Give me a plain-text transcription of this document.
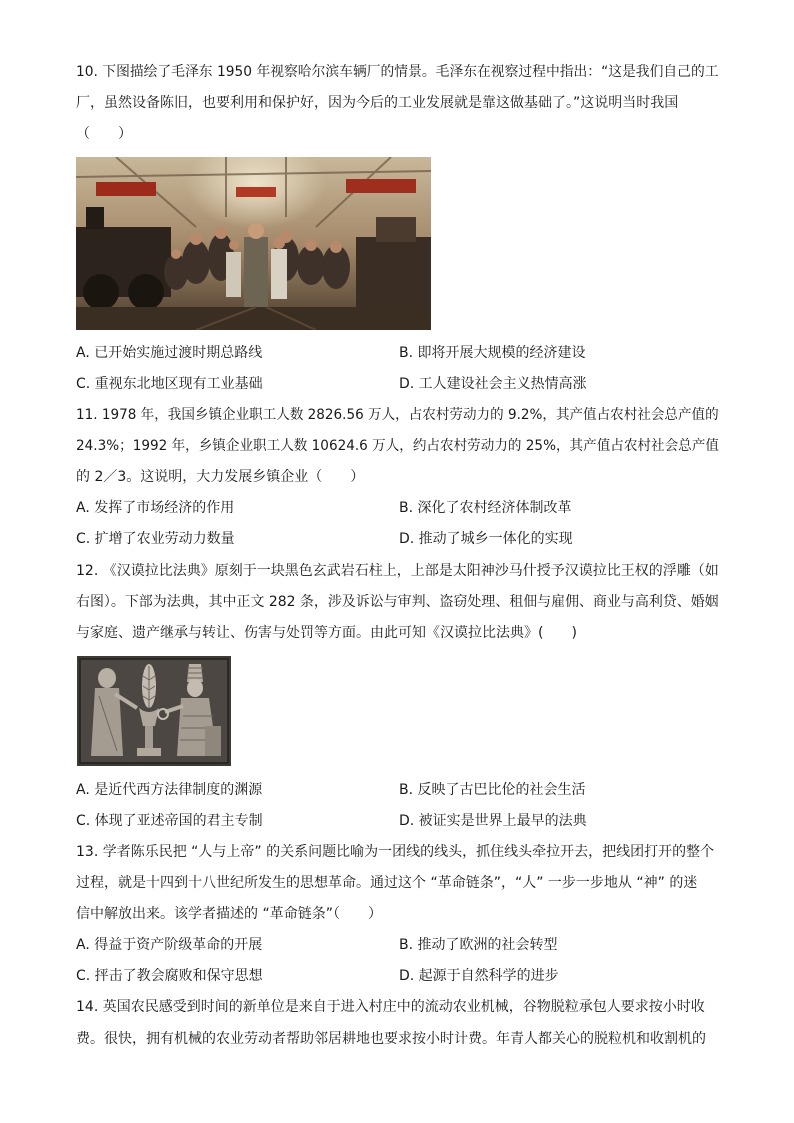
10. 下图描绘了毛泽东 1950 年视察哈尔滨车辆厂的情景。毛泽东在视察过程中指出：“这是我们自己的工
厂，虽然设备陈旧，也要利用和保护好，因为今后的工业发展就是靠这做基础了。”这说明当时我国
（　　）
A. 已开始实施过渡时期总路线	B. 即将开展大规模的经济建设
C. 重视东北地区现有工业基础	D. 工人建设社会主义热情高涨
11. 1978 年，我国乡镇企业职工人数 2826.56 万人，占农村劳动力的 9.2%，其产值占农村社会总产值的
24.3%；1992 年，乡镇企业职工人数 10624.6 万人，约占农村劳动力的 25%，其产值占农村社会总产值
的 2／3。这说明，大力发展乡镇企业（　　）
A. 发挥了市场经济的作用	B. 深化了农村经济体制改革
C. 扩增了农业劳动力数量	D. 推动了城乡一体化的实现
12. 《汉谟拉比法典》原刻于一块黑色玄武岩石柱上，上部是太阳神沙马什授予汉谟拉比王权的浮雕（如
右图）。下部为法典，其中正文 282 条，涉及诉讼与审判、盗窃处理、租佃与雇佣、商业与高利贷、婚姻
与家庭、遗产继承与转让、伤害与处罚等方面。由此可知《汉谟拉比法典》(　　)
A. 是近代西方法律制度的渊源	B. 反映了古巴比伦的社会生活
C. 体现了亚述帝国的君主专制	D. 被证实是世界上最早的法典
13. 学者陈乐民把 “人与上帝” 的关系问题比喻为一团线的线头，抓住线头牵拉开去，把线团打开的整个
过程，就是十四到十八世纪所发生的思想革命。通过这个 “革命链条”，“人” 一步一步地从 “神” 的迷
信中解放出来。该学者描述的 “革命链条”（　　）
A. 得益于资产阶级革命的开展	B. 推动了欧洲的社会转型
C. 抨击了教会腐败和保守思想	D. 起源于自然科学的进步
14. 英国农民感受到时间的新单位是来自于进入村庄中的流动农业机械，谷物脱粒承包人要求按小时收
费。很快，拥有机械的农业劳动者帮助邻居耕地也要求按小时计费。年青人都关心的脱粒机和收割机的
